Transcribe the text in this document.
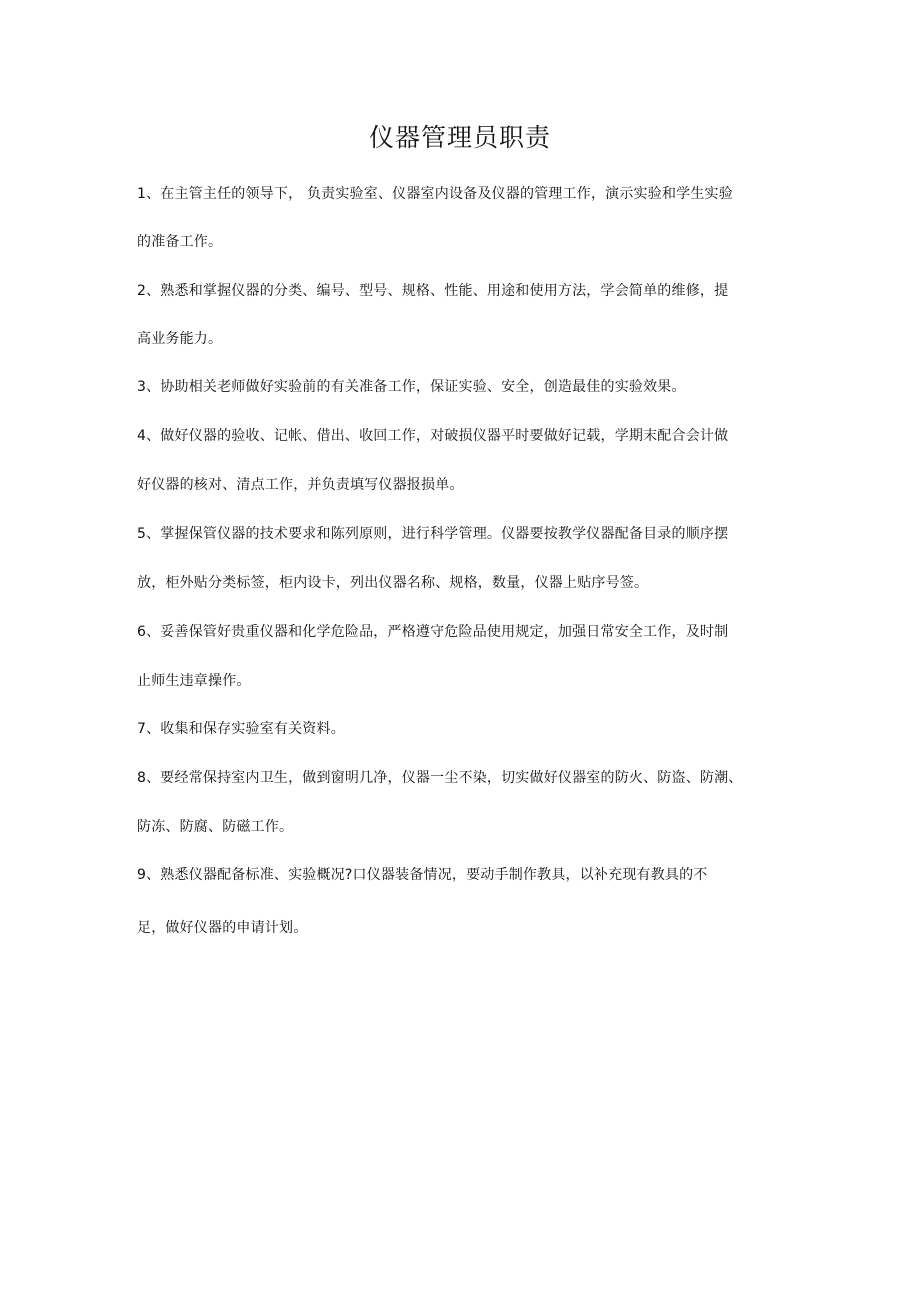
仪器管理员职责
1、在主管主任的领导下， 负责实验室、仪器室内设备及仪器的管理工作，演示实验和学生实验
的准备工作。
2、熟悉和掌握仪器的分类、编号、型号、规格、性能、用途和使用方法，学会简单的维修，提
高业务能力。
3、协助相关老师做好实验前的有关准备工作，保证实验、安全，创造最佳的实验效果。
4、做好仪器的验收、记帐、借出、收回工作，对破损仪器平时要做好记载，学期末配合会计做
好仪器的核对、清点工作，并负责填写仪器报损单。
5、掌握保管仪器的技术要求和陈列原则，进行科学管理。仪器要按教学仪器配备目录的顺序摆
放，柜外贴分类标签，柜内设卡，列出仪器名称、规格，数量，仪器上贴序号签。
6、妥善保管好贵重仪器和化学危险品，严格遵守危险品使用规定，加强日常安全工作，及时制
止师生违章操作。
7、收集和保存实验室有关资料。
8、要经常保持室内卫生，做到窗明几净，仪器一尘不染，切实做好仪器室的防火、防盗、防潮、
防冻、防腐、防磁工作。
9、熟悉仪器配备标准、实验概况?口仪器装备情况，要动手制作教具，以补充现有教具的不
足，做好仪器的申请计划。
